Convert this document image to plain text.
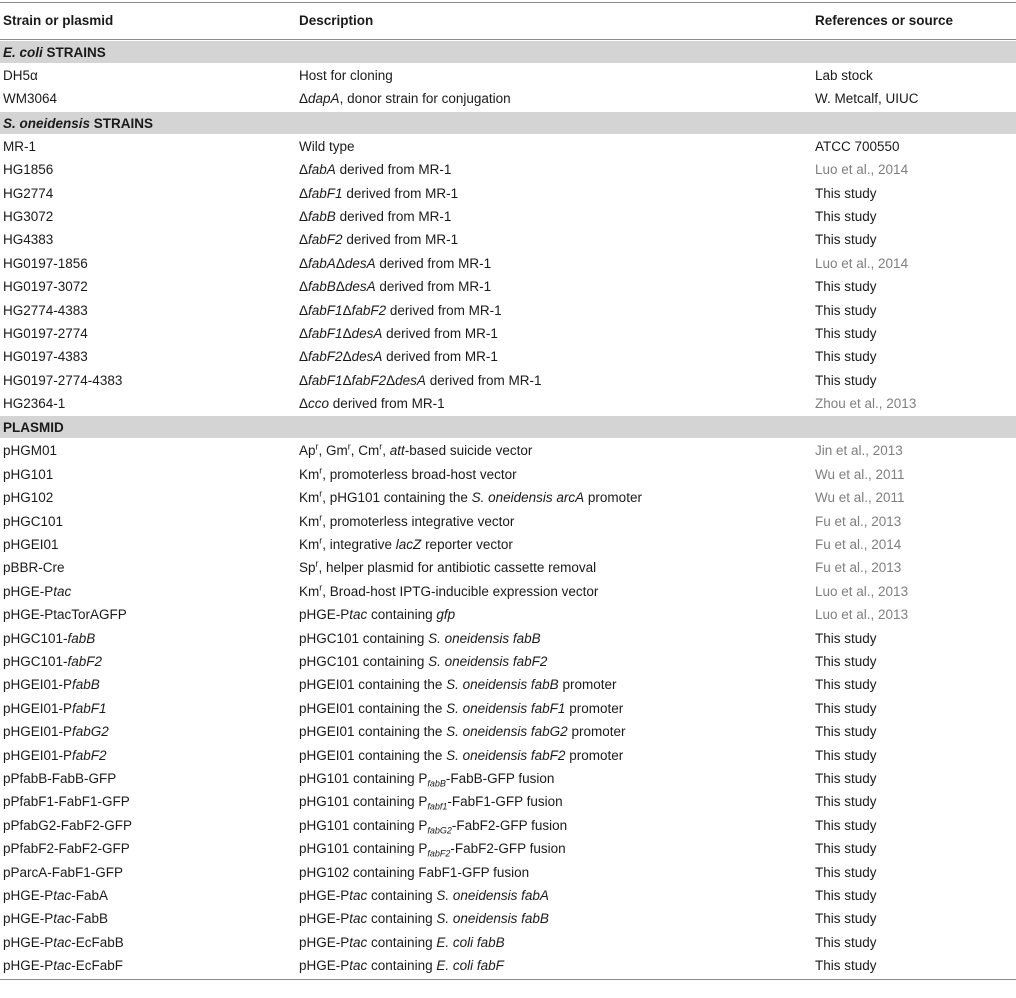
Strain or plasmid	Description	References or source
E. coli STRAINS
DH5α	Host for cloning	Lab stock
WM3064	ΔdapA, donor strain for conjugation	W. Metcalf, UIUC
S. oneidensis STRAINS
MR-1	Wild type	ATCC 700550
HG1856	ΔfabA derived from MR-1	Luo et al., 2014
HG2774	ΔfabF1 derived from MR-1	This study
HG3072	ΔfabB derived from MR-1	This study
HG4383	ΔfabF2 derived from MR-1	This study
HG0197-1856	ΔfabAΔdesA derived from MR-1	Luo et al., 2014
HG0197-3072	ΔfabBΔdesA derived from MR-1	This study
HG2774-4383	ΔfabF1ΔfabF2 derived from MR-1	This study
HG0197-2774	ΔfabF1ΔdesA derived from MR-1	This study
HG0197-4383	ΔfabF2ΔdesA derived from MR-1	This study
HG0197-2774-4383	ΔfabF1ΔfabF2ΔdesA derived from MR-1	This study
HG2364-1	Δcco derived from MR-1	Zhou et al., 2013
PLASMID
pHGM01	Ap$^r$, Gm$^r$, Cm$^r$, att-based suicide vector	Jin et al., 2013
pHG101	Km$^r$, promoterless broad-host vector	Wu et al., 2011
pHG102	Km$^r$, pHG101 containing the S. oneidensis arcA promoter	Wu et al., 2011
pHGC101	Km$^r$, promoterless integrative vector	Fu et al., 2013
pHGEI01	Km$^r$, integrative lacZ reporter vector	Fu et al., 2014
pBBR-Cre	Sp$^r$, helper plasmid for antibiotic cassette removal	Fu et al., 2013
pHGE-Ptac	Km$^r$, Broad-host IPTG-inducible expression vector	Luo et al., 2013
pHGE-PtacTorAGFP	pHGE-Ptac containing gfp	Luo et al., 2013
pHGC101-fabB	pHGC101 containing S. oneidensis fabB	This study
pHGC101-fabF2	pHGC101 containing S. oneidensis fabF2	This study
pHGEI01-PfabB	pHGEI01 containing the S. oneidensis fabB promoter	This study
pHGEI01-PfabF1	pHGEI01 containing the S. oneidensis fabF1 promoter	This study
pHGEI01-PfabG2	pHGEI01 containing the S. oneidensis fabG2 promoter	This study
pHGEI01-PfabF2	pHGEI01 containing the S. oneidensis fabF2 promoter	This study
pPfabB-FabB-GFP	pHG101 containing $P_{fabB}-FabB$-GFP fusion	This study
pPfabF1-FabF1-GFP	pHG101 containing $P_{fabf1}-FabF1$-GFP fusion	This study
pPfabG2-FabF2-GFP	pHG101 containing $P_{fabG2}-FabF2$-GFP fusion	This study
pPfabF2-FabF2-GFP	pHG101 containing $P_{fabF2}-FabF2$-GFP fusion	This study
pParcA-FabF1-GFP	pHG102 containing FabF1-GFP fusion	This study
pHGE-Ptac-FabA	pHGE-Ptac containing S. oneidensis fabA	This study
pHGE-Ptac-FabB	pHGE-Ptac containing S. oneidensis fabB	This study
pHGE-Ptac-EcFabB	pHGE-Ptac containing E. coli fabB	This study
pHGE-Ptac-EcFabF	pHGE-Ptac containing E. coli fabF	This study
